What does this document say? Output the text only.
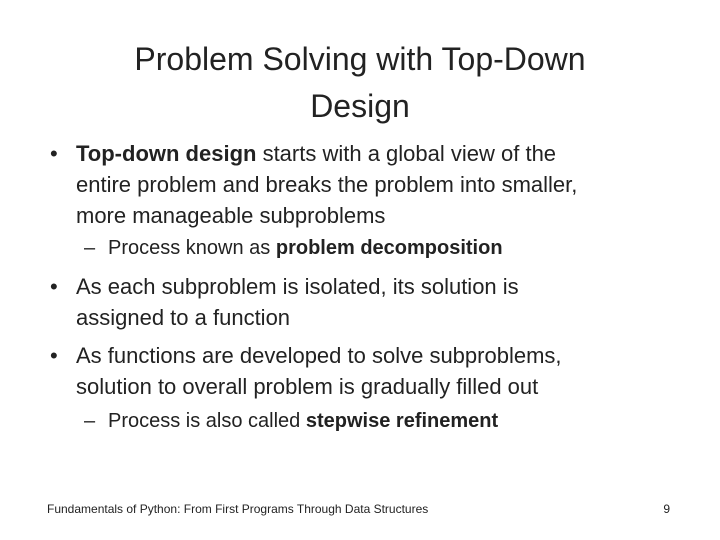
Problem Solving with Top-Down
Design
• Top-down design starts with a global view of the
entire problem and breaks the problem into smaller,
more manageable subproblems
– Process known as problem decomposition
• As each subproblem is isolated, its solution is
assigned to a function
• As functions are developed to solve subproblems,
solution to overall problem is gradually filled out
– Process is also called stepwise refinement
Fundamentals of Python: From First Programs Through Data Structures	9
